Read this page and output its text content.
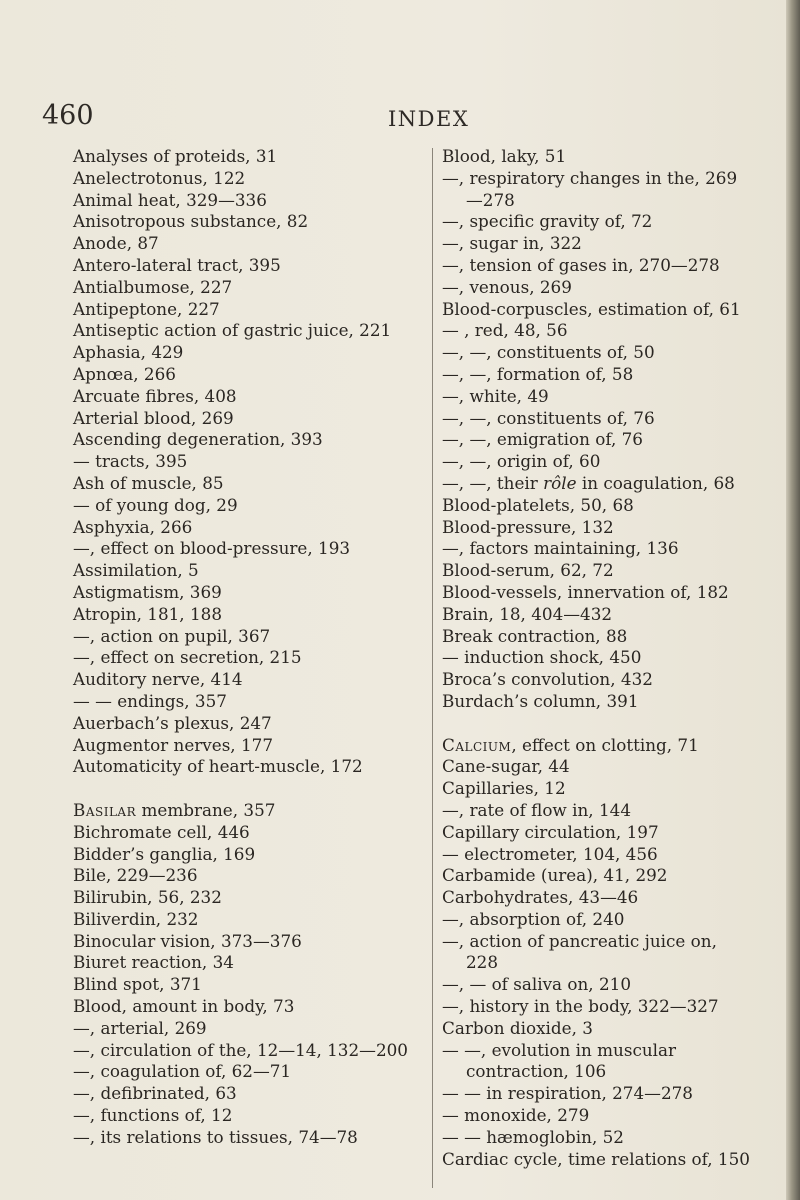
460	INDEX
Analyses of proteids, 31
Anelectrotonus, 122
Animal heat, 329—336
Anisotropous substance, 82
Anode, 87
Antero-lateral tract, 395
Antialbumose, 227
Antipeptone, 227
Antiseptic action of gastric juice, 221
Aphasia, 429
Apnœa, 266
Arcuate fibres, 408
Arterial blood, 269
Ascending degeneration, 393
— tracts, 395
Ash of muscle, 85
— of young dog, 29
Asphyxia, 266
—, effect on blood-pressure, 193
Assimilation, 5
Astigmatism, 369
Atropin, 181, 188
—, action on pupil, 367
—, effect on secretion, 215
Auditory nerve, 414
— — endings, 357
Auerbach’s plexus, 247
Augmentor nerves, 177
Automaticity of heart-muscle, 172
Basilar membrane, 357
Bichromate cell, 446
Bidder’s ganglia, 169
Bile, 229—236
Bilirubin, 56, 232
Biliverdin, 232
Binocular vision, 373—376
Biuret reaction, 34
Blind spot, 371
Blood, amount in body, 73
—, arterial, 269
—, circulation of the, 12—14, 132—200
—, coagulation of, 62—71
—, defibrinated, 63
—, functions of, 12
—, its relations to tissues, 74—78
Blood, laky, 51
—, respiratory changes in the, 269—278
—, specific gravity of, 72
—, sugar in, 322
—, tension of gases in, 270—278
—, venous, 269
Blood-corpuscles, estimation of, 61
— , red, 48, 56
—, —, constituents of, 50
—, —, formation of, 58
—, white, 49
—, —, constituents of, 76
—, —, emigration of, 76
—, —, origin of, 60
—, —, their rôle in coagulation, 68
Blood-platelets, 50, 68
Blood-pressure, 132
—, factors maintaining, 136
Blood-serum, 62, 72
Blood-vessels, innervation of, 182
Brain, 18, 404—432
Break contraction, 88
— induction shock, 450
Broca’s convolution, 432
Burdach’s column, 391
Calcium, effect on clotting, 71
Cane-sugar, 44
Capillaries, 12
—, rate of flow in, 144
Capillary circulation, 197
— electrometer, 104, 456
Carbamide (urea), 41, 292
Carbohydrates, 43—46
—, absorption of, 240
—, action of pancreatic juice on, 228
—, — of saliva on, 210
—, history in the body, 322—327
Carbon dioxide, 3
— —, evolution in muscular contraction, 106
— — in respiration, 274—278
— monoxide, 279
— — hæmoglobin, 52
Cardiac cycle, time relations of, 150
